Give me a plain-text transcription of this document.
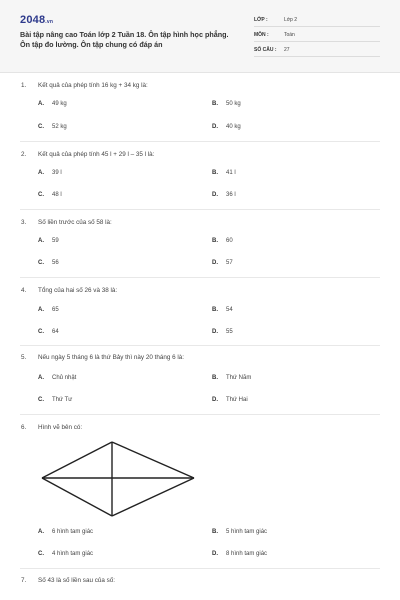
2048.vn
Bài tập nâng cao Toán lớp 2 Tuần 18. Ôn tập hình học phẳng. Ôn tập đo lường. Ôn tập chung có đáp án
LỚP :	Lớp 2
MÔN :	Toán
SỐ CÂU : 27
1. Kết quả của phép tính 16 kg + 34 kg là:
A. 49 kg	B. 50 kg
C. 52 kg	D. 40 kg
2. Kết quả của phép tính 45 l + 29 l – 35 l là:
A. 39 l	B. 41 l
C. 48 l	D. 36 l
3. Số liền trước của số 58 là:
A. 59	B. 60
C. 56	D. 57
4. Tổng của hai số 26 và 38 là:
A. 65	B. 54
C. 64	D. 55
5. Nếu ngày 5 tháng 6 là thứ Bảy thì này 20 tháng 6 là:
A. Chủ nhật	B. Thứ Năm
C. Thứ Tư	D. Thứ Hai
6. Hình vẽ bên có:
A. 6 hình tam giác	B. 5 hình tam giác
C. 4 hình tam giác	D. 8 hình tam giác
7. Số 43 là số liền sau của số:
